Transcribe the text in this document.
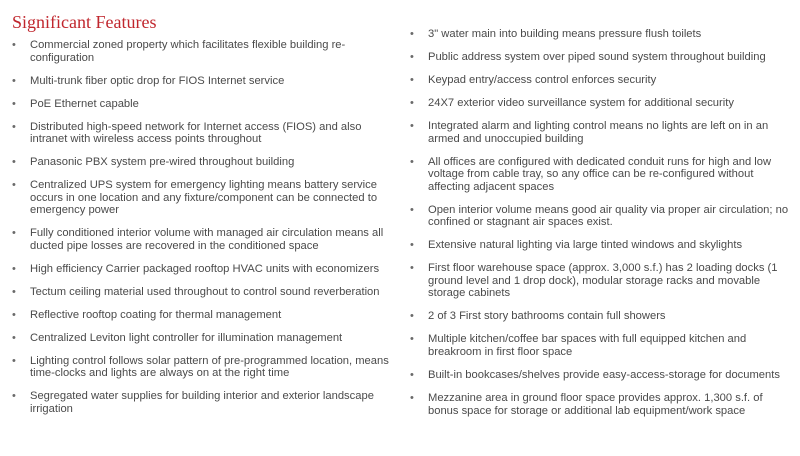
Significant Features
• Commercial zoned property which facilitates flexible building re-configuration
• Multi-trunk fiber optic drop for FIOS Internet service
• PoE Ethernet capable
• Distributed high-speed network for Internet access (FIOS) and also intranet with wireless access points throughout
• Panasonic PBX system pre-wired throughout building
• Centralized UPS system for emergency lighting means battery service occurs in one location and any fixture/component can be connected to emergency power
• Fully conditioned interior volume with managed air circulation means all ducted pipe losses are recovered in the conditioned space
• High efficiency Carrier packaged rooftop HVAC units with economizers
• Tectum ceiling material used throughout to control sound reverberation
• Reflective rooftop coating for thermal management
• Centralized Leviton light controller for illumination management
• Lighting control follows solar pattern of pre-programmed location, means time-clocks and lights are always on at the right time
• Segregated water supplies for building interior and exterior landscape irrigation
• 3" water main into building means pressure flush toilets
• Public address system over piped sound system throughout building
• Keypad entry/access control enforces security
• 24X7 exterior video surveillance system for additional security
• Integrated alarm and lighting control means no lights are left on in an armed and unoccupied building
• All offices are configured with dedicated conduit runs for high and low voltage from cable tray, so any office can be re-configured without affecting adjacent spaces
• Open interior volume means good air quality via proper air circulation; no confined or stagnant air spaces exist.
• Extensive natural lighting via large tinted windows and skylights
• First floor warehouse space (approx. 3,000 s.f.) has 2 loading docks (1 ground level and 1 drop dock), modular storage racks and movable storage cabinets
• 2 of 3 First story bathrooms contain full showers
• Multiple kitchen/coffee bar spaces with full equipped kitchen and breakroom in first floor space
• Built-in bookcases/shelves provide easy-access-storage for documents
• Mezzanine area in ground floor space provides approx. 1,300 s.f. of bonus space for storage or additional lab equipment/work space
